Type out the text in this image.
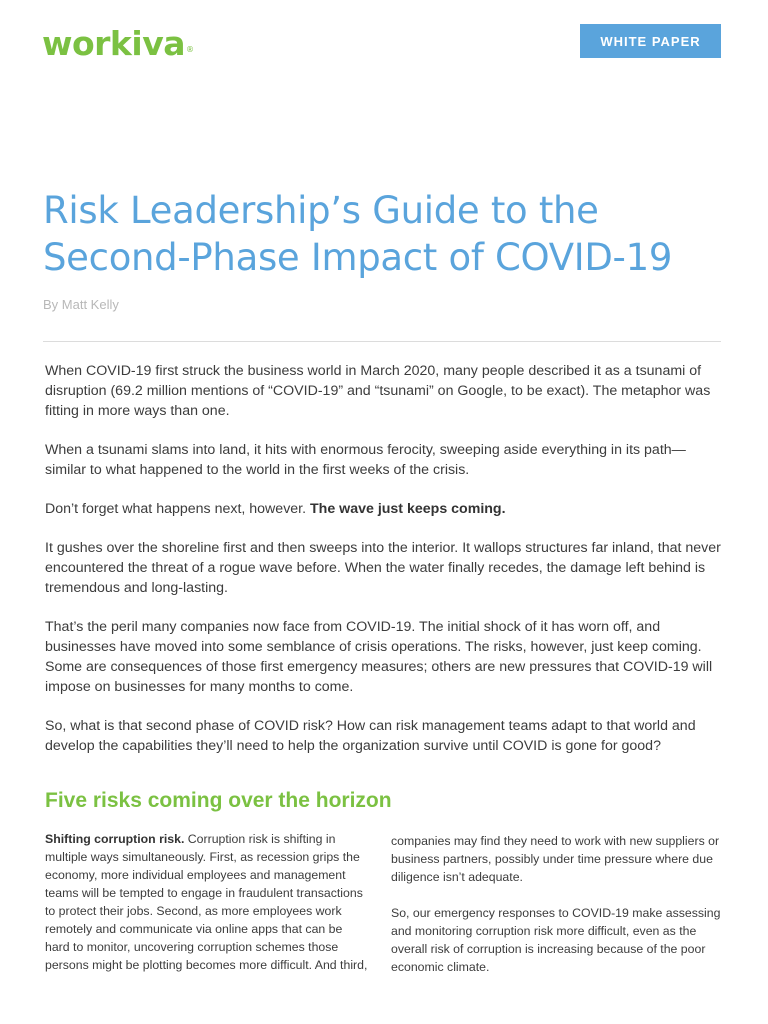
workiva®
WHITE PAPER
Risk Leadership’s Guide to the Second-Phase Impact of COVID-19
By Matt Kelly

When COVID-19 first struck the business world in March 2020, many people described it as a tsunami of disruption (69.2 million mentions of “COVID-19” and “tsunami” on Google, to be exact). The metaphor was fitting in more ways than one.

When a tsunami slams into land, it hits with enormous ferocity, sweeping aside everything in its path—similar to what happened to the world in the first weeks of the crisis.

Don’t forget what happens next, however. The wave just keeps coming.

It gushes over the shoreline first and then sweeps into the interior. It wallops structures far inland, that never encountered the threat of a rogue wave before. When the water finally recedes, the damage left behind is tremendous and long-lasting.

That’s the peril many companies now face from COVID-19. The initial shock of it has worn off, and businesses have moved into some semblance of crisis operations. The risks, however, just keep coming. Some are consequences of those first emergency measures; others are new pressures that COVID-19 will impose on businesses for many months to come.

So, what is that second phase of COVID risk? How can risk management teams adapt to that world and develop the capabilities they’ll need to help the organization survive until COVID is gone for good?

Five risks coming over the horizon

Shifting corruption risk. Corruption risk is shifting in multiple ways simultaneously. First, as recession grips the economy, more individual employees and management teams will be tempted to engage in fraudulent transactions to protect their jobs. Second, as more employees work remotely and communicate via online apps that can be hard to monitor, uncovering corruption schemes those persons might be plotting becomes more difficult. And third,

companies may find they need to work with new suppliers or business partners, possibly under time pressure where due diligence isn’t adequate.

So, our emergency responses to COVID-19 make assessing and monitoring corruption risk more difficult, even as the overall risk of corruption is increasing because of the poor economic climate.
